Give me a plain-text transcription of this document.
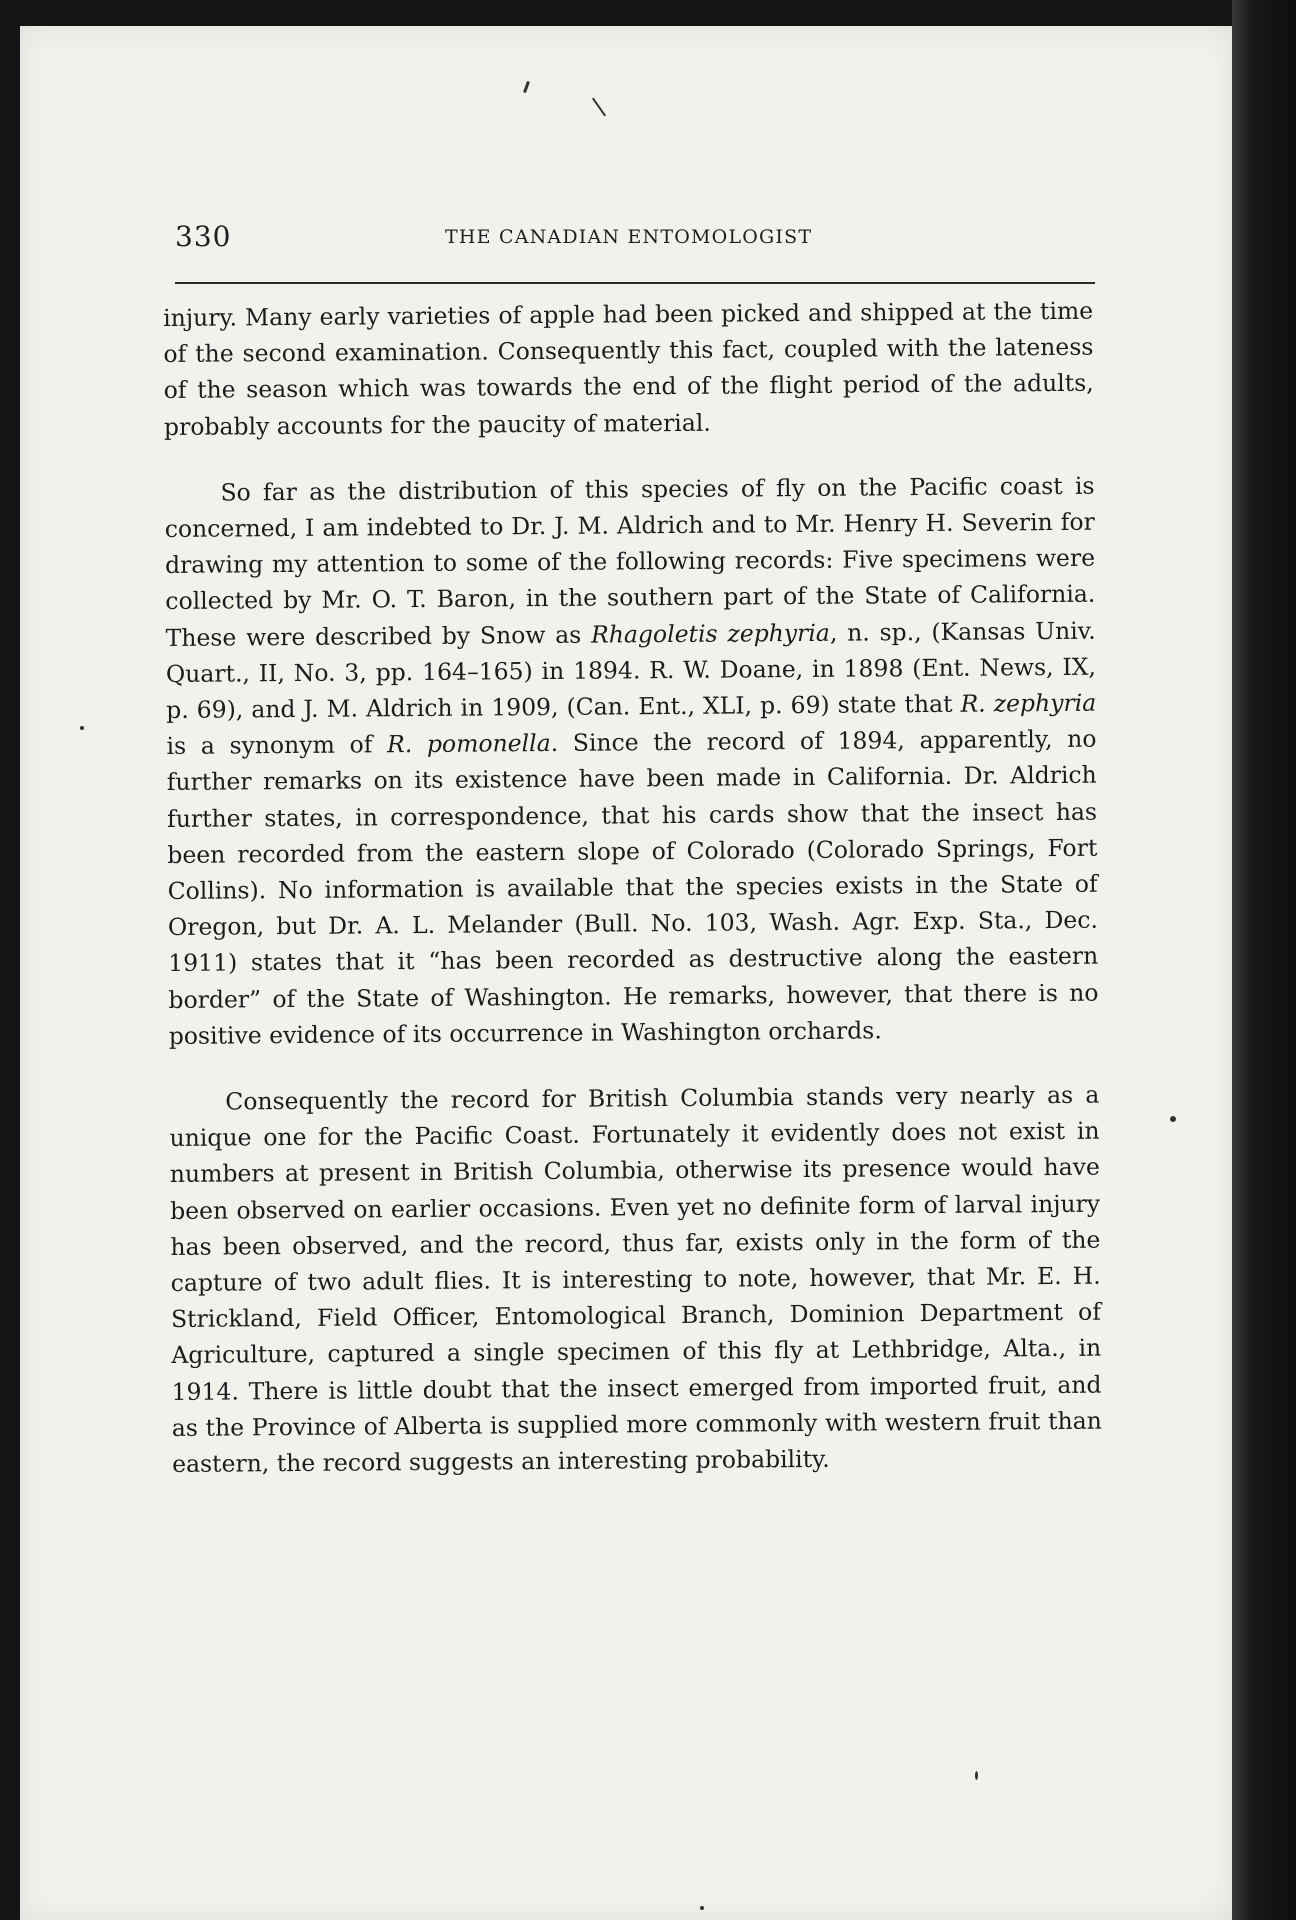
330	THE CANADIAN ENTOMOLOGIST

injury. Many early varieties of apple had been picked and shipped at the time of the second examination. Consequently this fact, coupled with the lateness of the season which was towards the end of the flight period of the adults, probably accounts for the paucity of material.

So far as the distribution of this species of fly on the Pacific coast is concerned, I am indebted to Dr. J. M. Aldrich and to Mr. Henry H. Severin for drawing my attention to some of the following records: Five specimens were collected by Mr. O. T. Baron, in the southern part of the State of California. These were described by Snow as Rhagoletis zephyria, n. sp., (Kansas Univ. Quart., II, No. 3, pp. 164–165) in 1894. R. W. Doane, in 1898 (Ent. News, IX, p. 69), and J. M. Aldrich in 1909, (Can. Ent., XLI, p. 69) state that R. zephyria is a synonym of R. pomonella. Since the record of 1894, apparently, no further remarks on its existence have been made in California. Dr. Aldrich further states, in correspondence, that his cards show that the insect has been recorded from the eastern slope of Colorado (Colorado Springs, Fort Collins). No information is available that the species exists in the State of Oregon, but Dr. A. L. Melander (Bull. No. 103, Wash. Agr. Exp. Sta., Dec. 1911) states that it “has been recorded as destructive along the eastern border” of the State of Washington. He remarks, however, that there is no positive evidence of its occurrence in Washington orchards.

Consequently the record for British Columbia stands very nearly as a unique one for the Pacific Coast. Fortunately it evidently does not exist in numbers at present in British Columbia, otherwise its presence would have been observed on earlier occasions. Even yet no definite form of larval injury has been observed, and the record, thus far, exists only in the form of the capture of two adult flies. It is interesting to note, however, that Mr. E. H. Strickland, Field Officer, Entomological Branch, Dominion Department of Agriculture, captured a single specimen of this fly at Lethbridge, Alta., in 1914. There is little doubt that the insect emerged from imported fruit, and as the Province of Alberta is supplied more commonly with western fruit than eastern, the record suggests an interesting probability.
